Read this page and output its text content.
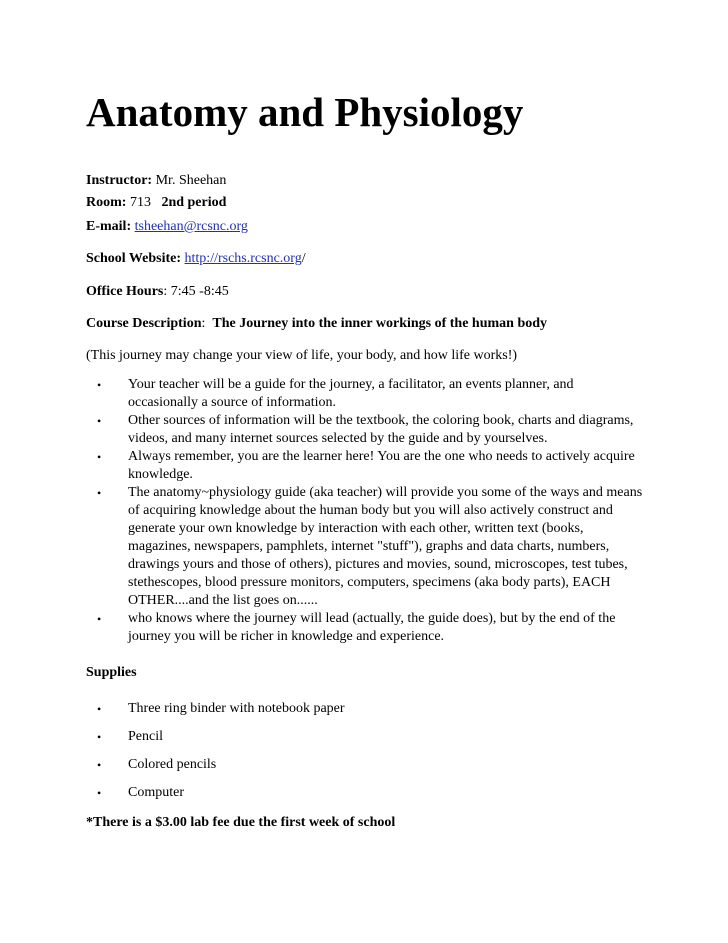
Anatomy and Physiology
Instructor: Mr. Sheehan
Room: 713   2nd period
E-mail: tsheehan@rcsnc.org
School Website: http://rschs.rcsnc.org/
Office Hours: 7:45 -8:45
Course Description:  The Journey into the inner workings of the human body
(This journey may change your view of life, your body, and how life works!)
• Your teacher will be a guide for the journey, a facilitator, an events planner, and occasionally a source of information.
• Other sources of information will be the textbook, the coloring book, charts and diagrams, videos, and many internet sources selected by the guide and by yourselves.
• Always remember, you are the learner here! You are the one who needs to actively acquire knowledge.
• The anatomy~physiology guide (aka teacher) will provide you some of the ways and means of acquiring knowledge about the human body but you will also actively construct and generate your own knowledge by interaction with each other, written text (books, magazines, newspapers, pamphlets, internet "stuff"), graphs and data charts, numbers, drawings yours and those of others), pictures and movies, sound, microscopes, test tubes, stethescopes, blood pressure monitors, computers, specimens (aka body parts), EACH OTHER....and the list goes on......
• who knows where the journey will lead (actually, the guide does), but by the end of the journey you will be richer in knowledge and experience.
Supplies
• Three ring binder with notebook paper
• Pencil
• Colored pencils
• Computer
*There is a $3.00 lab fee due the first week of school
